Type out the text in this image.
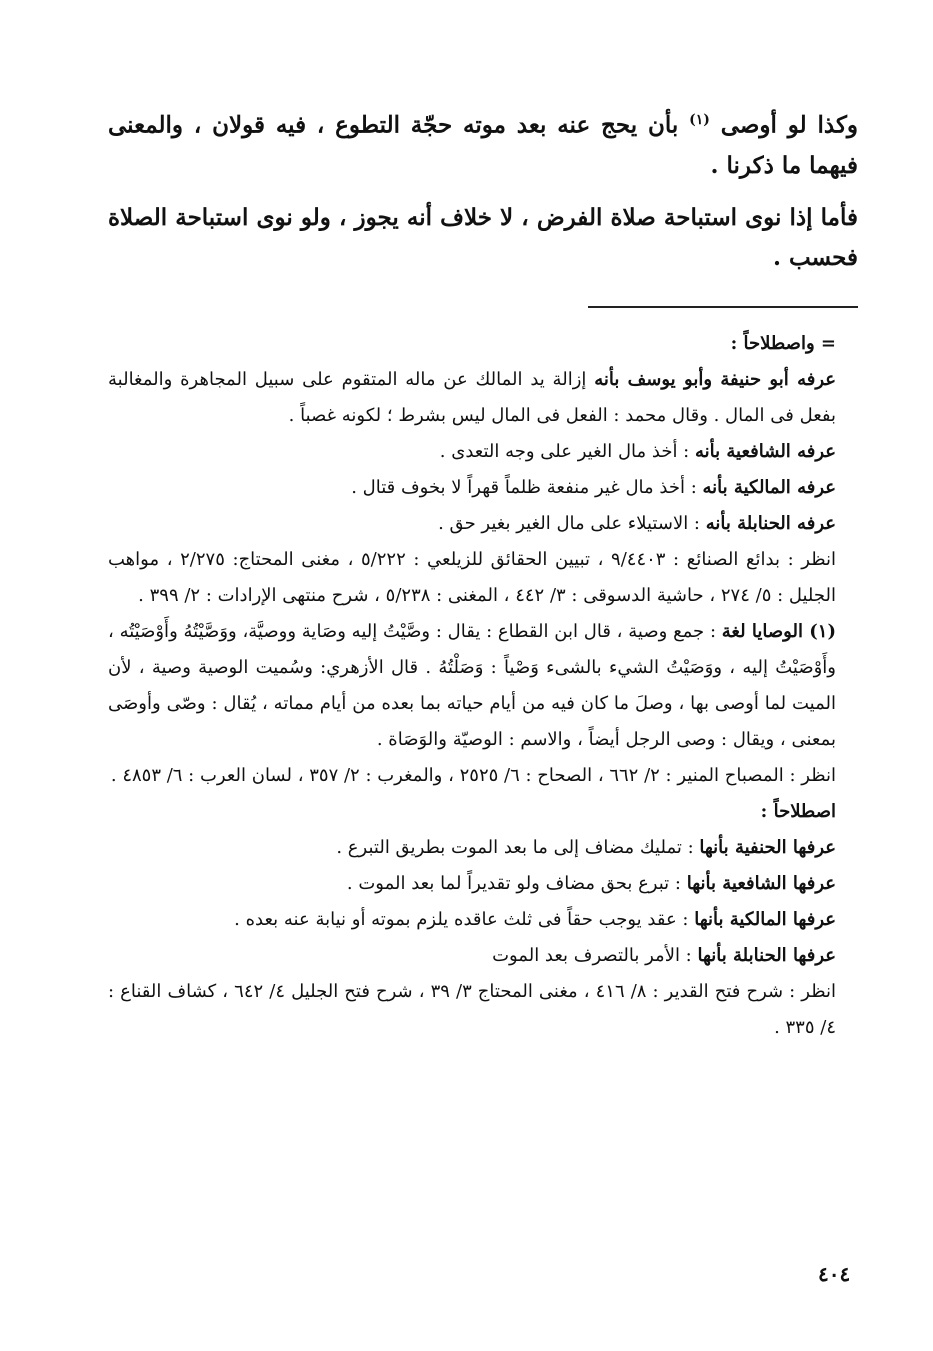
وكذا لو أوصى $^{(١)}$ بأن يحج عنه بعد موته حجّة التطوع ، فيه قولان ، والمعنى فيهما ما ذكرنا .

فأما إذا نوى استباحة صلاة الفرض ، لا خلاف أنه يجوز ، ولو نوى استباحة الصلاة فحسب .

= واصطلاحاً :

عرفه أبو حنيفة وأبو يوسف بأنه إزالة يد المالك عن ماله المتقوم على سبيل المجاهرة والمغالبة بفعل فى المال . وقال محمد : الفعل فى المال ليس بشرط ؛ لكونه غصباً .

عرفه الشافعية بأنه : أخذ مال الغير على وجه التعدى .

عرفه المالكية بأنه : أخذ مال غير منفعة ظلماً قهراً لا بخوف قتال .

عرفه الحنابلة بأنه : الاستيلاء على مال الغير بغير حق .

انظر : بدائع الصنائع : ٩/٤٤٠٣ ، تبيين الحقائق للزيلعي : ٥/٢٢٢ ، مغنى المحتاج: ٢/٢٧٥ ، مواهب الجليل : ٥/ ٢٧٤ ، حاشية الدسوقى : ٣/ ٤٤٢ ، المغنى : ٥/٢٣٨ ، شرح منتهى الإرادات : ٢/ ٣٩٩ .

(١) الوصايا لغة : جمع وصية ، قال ابن القطاع : يقال : وصَّيْتُ إليه وصَاية ووصيَّة، ووَصَّيْتُهُ وأَوْصَيْتُه ، وأَوْصَيْتُ إليه ، ووَصَيْتُ الشيء بالشىء وَصْياً : وَصَلْتُهُ . قال الأزهري: وسُميت الوصية وصية ، لأن الميت لما أوصى بها ، وصلَ ما كان فيه من أيام حياته بما بعده من أيام مماته ، يُقال : وصّى وأوصَى بمعنى ، ويقال : وصى الرجل أيضاً ، والاسم : الوصيّة والوَصَاة .

انظر : المصباح المنير : ٢/ ٦٦٢ ، الصحاح : ٦/ ٢٥٢٥ ، والمغرب : ٢/ ٣٥٧ ، لسان العرب : ٦/ ٤٨٥٣ .

اصطلاحاً :

عرفها الحنفية بأنها : تمليك مضاف إلى ما بعد الموت بطريق التبرع .

عرفها الشافعية بأنها : تبرع بحق مضاف ولو تقديراً لما بعد الموت .

عرفها المالكية بأنها : عقد يوجب حقاً فى ثلث عاقده يلزم بموته أو نيابة عنه بعده .

عرفها الحنابلة بأنها : الأمر بالتصرف بعد الموت

انظر : شرح فتح القدير : ٨/ ٤١٦ ، مغنى المحتاج ٣/ ٣٩ ، شرح فتح الجليل ٤/ ٦٤٢ ، كشاف القناع : ٤/ ٣٣٥ .

٤٠٤
